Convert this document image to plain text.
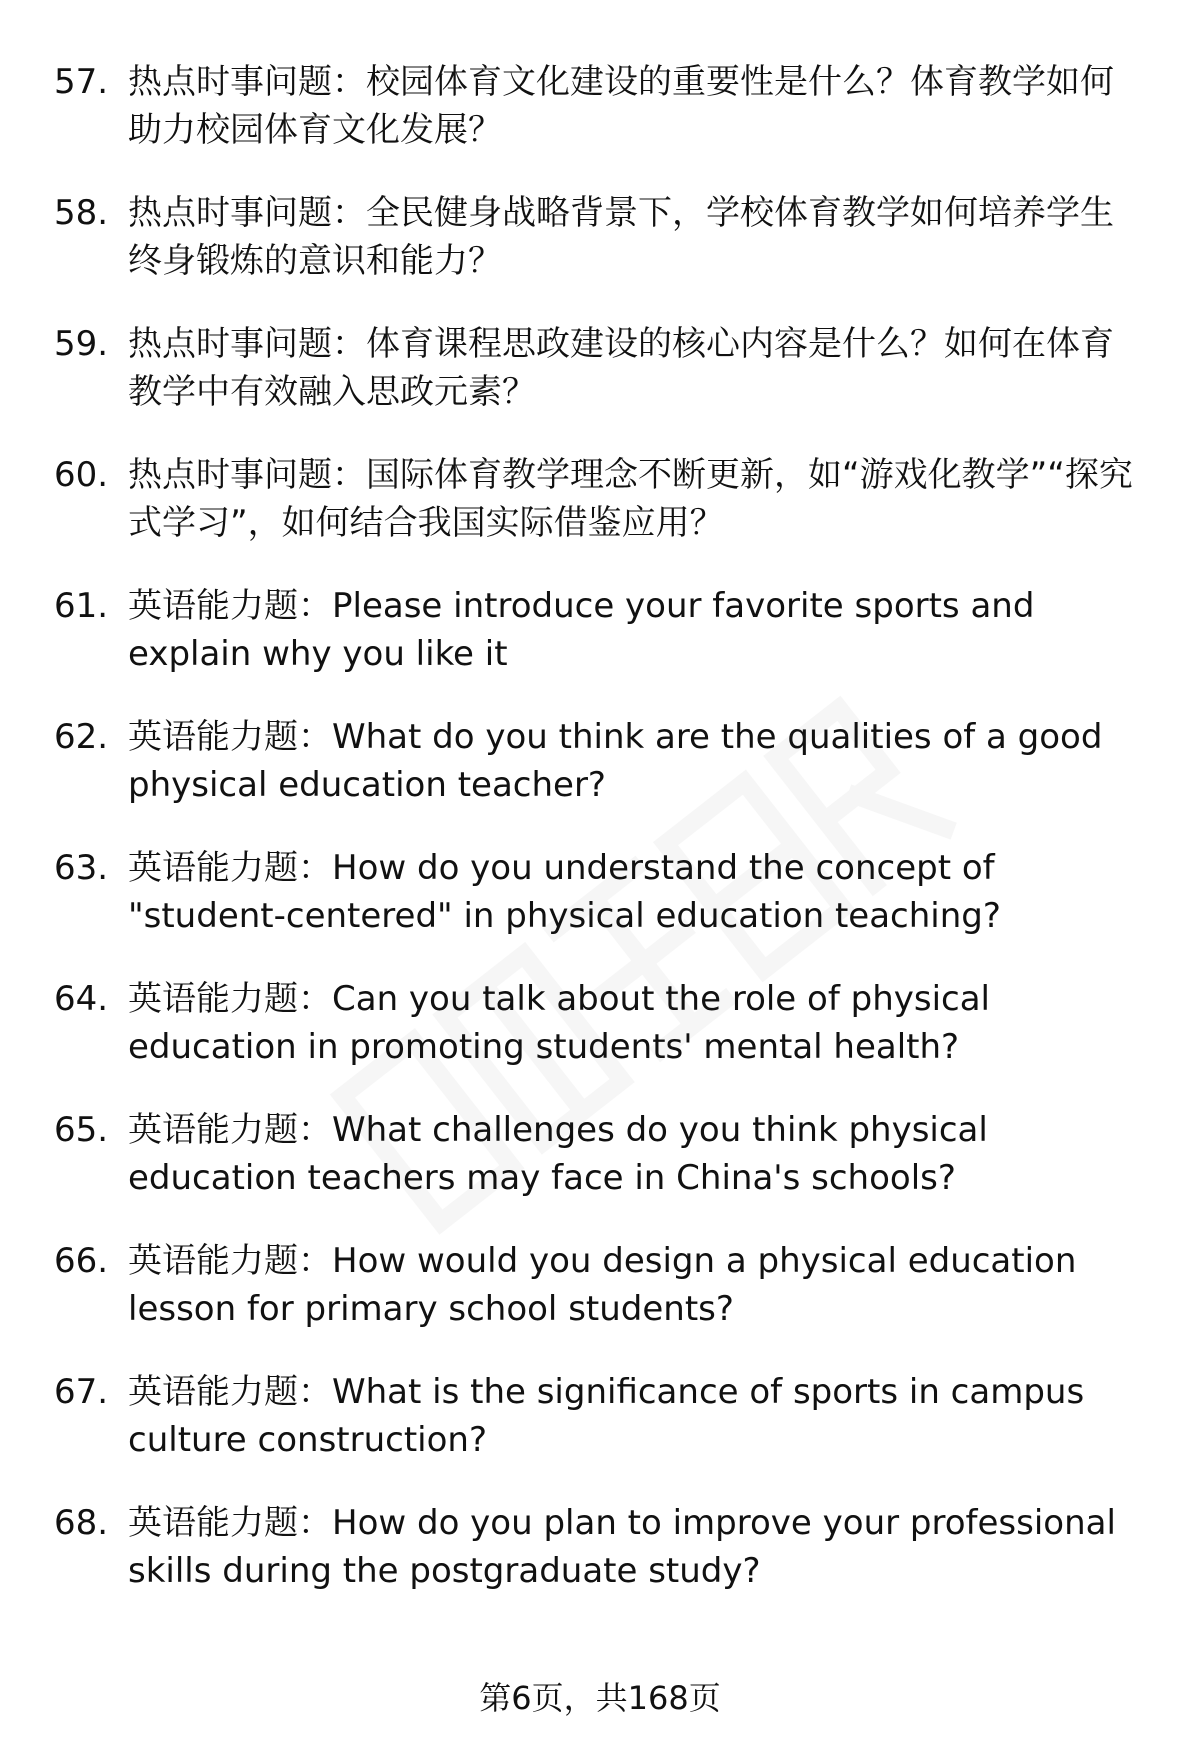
57. 热点时事问题：校园体育文化建设的重要性是什么？体育教学如何助力校园体育文化发展？
58. 热点时事问题：全民健身战略背景下，学校体育教学如何培养学生终身锻炼的意识和能力？
59. 热点时事问题：体育课程思政建设的核心内容是什么？如何在体育教学中有效融入思政元素？
60. 热点时事问题：国际体育教学理念不断更新，如“游戏化教学”“探究式学习”，如何结合我国实际借鉴应用？
61. 英语能力题：Please introduce your favorite sports and explain why you like it
62. 英语能力题：What do you think are the qualities of a good physical education teacher?
63. 英语能力题：How do you understand the concept of "student-centered" in physical education teaching?
64. 英语能力题：Can you talk about the role of physical education in promoting students' mental health?
65. 英语能力题：What challenges do you think physical education teachers may face in China's schools?
66. 英语能力题：How would you design a physical education lesson for primary school students?
67. 英语能力题：What is the significance of sports in campus culture construction?
68. 英语能力题：How do you plan to improve your professional skills during the postgraduate study?
第6页，共168页
